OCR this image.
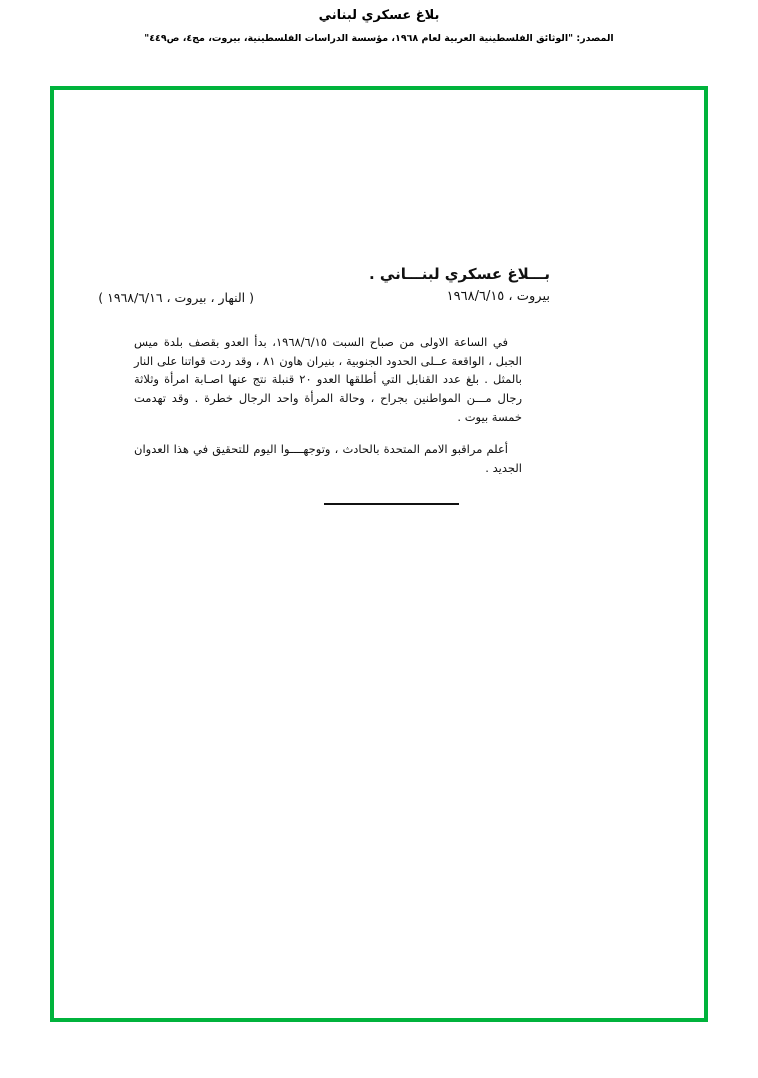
بلاغ عسكري لبناني
المصدر: "الوثائق الفلسطينية العربية لعام ١٩٦٨، مؤسسة الدراسات الفلسطينية، بيروت، مج٤، ص٤٤٩"
بـــلاغ عسكري لبنـــاني .
بيروت ، ١٩٦٨/٦/١٥
( النهار ، بيروت ، ١٩٦٨/٦/١٦ )

في الساعة الاولى من صباح السبت ١٩٦٨/٦/١٥، بدأ العدو بقصف بلدة ميس الجبل ، الواقعة عــلى الحدود الجنوبية ، بنيران هاون ٨١ ، وقد ردت قواتنا على النار بالمثل . بلغ عدد القنابل التي أطلقها العدو ٢٠ قنبلة نتج عنها اصـابة امرأة وثلاثة رجال مـــن المواطنين بجراح ، وحالة المرأة واحد الرجال خطرة . وقد تهدمت خمسة بيوت .

أعلم مراقبو الامم المتحدة بالحادث ، وتوجهــــوا اليوم للتحقيق في هذا العدوان الجديد .
